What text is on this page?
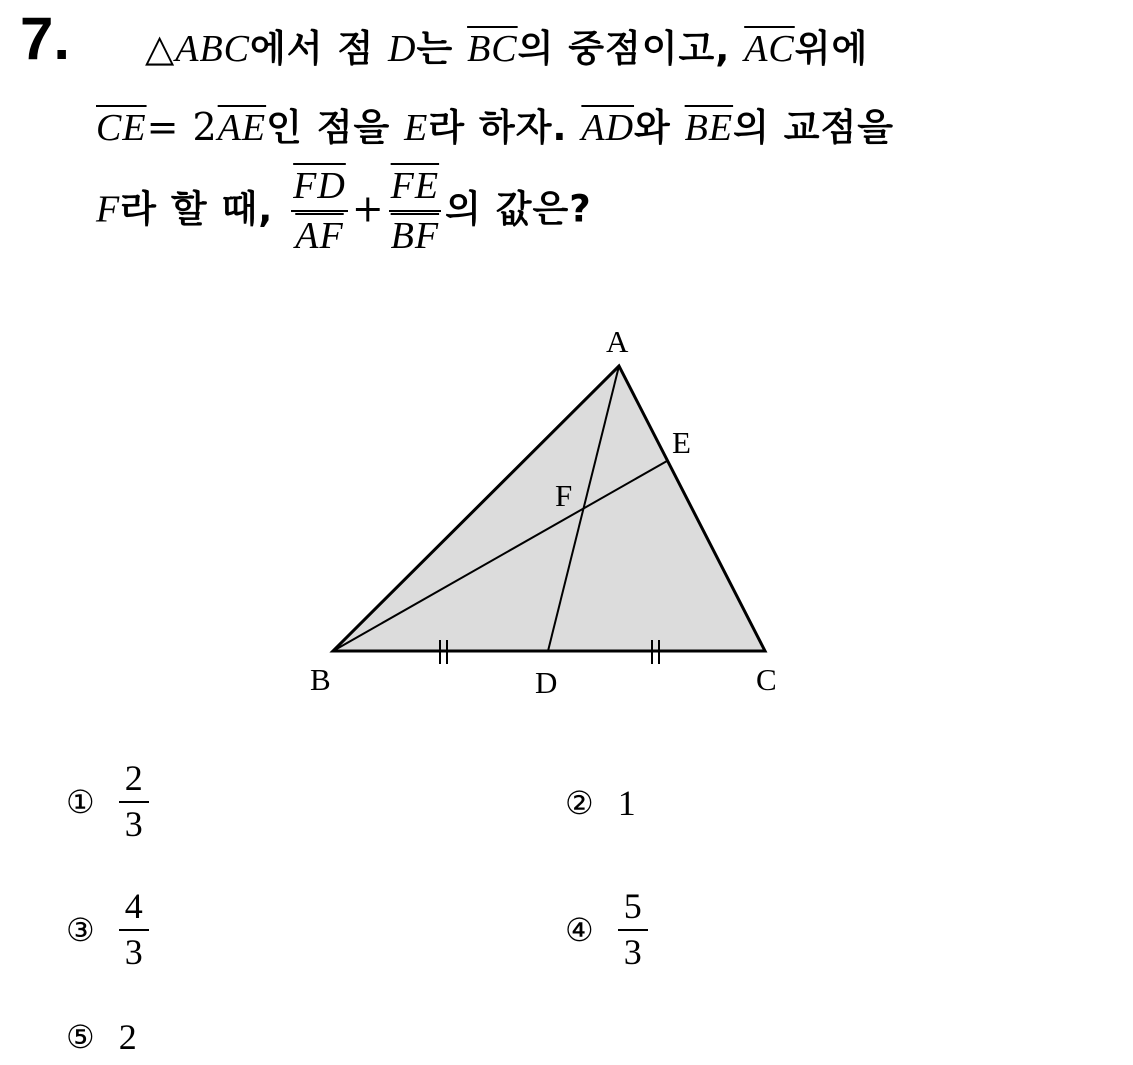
7. △ABC에서 점 D는 $\overline{BC}$의 중점이고, $\overline{AC}$위에
$\overline{CE}= 2\overline{AE}$인 점을 E라 하자. $\overline{AD}$와 $\overline{BE}$의 교점을
F라 할 때, $\frac{\overline{FD}}{AF} + \frac{\overline{FE}}{BF}$ 의 값은?
A
B	C
D
E
F
①
2
3
② 1
③
4
3
④
5
3
⑤ 2
